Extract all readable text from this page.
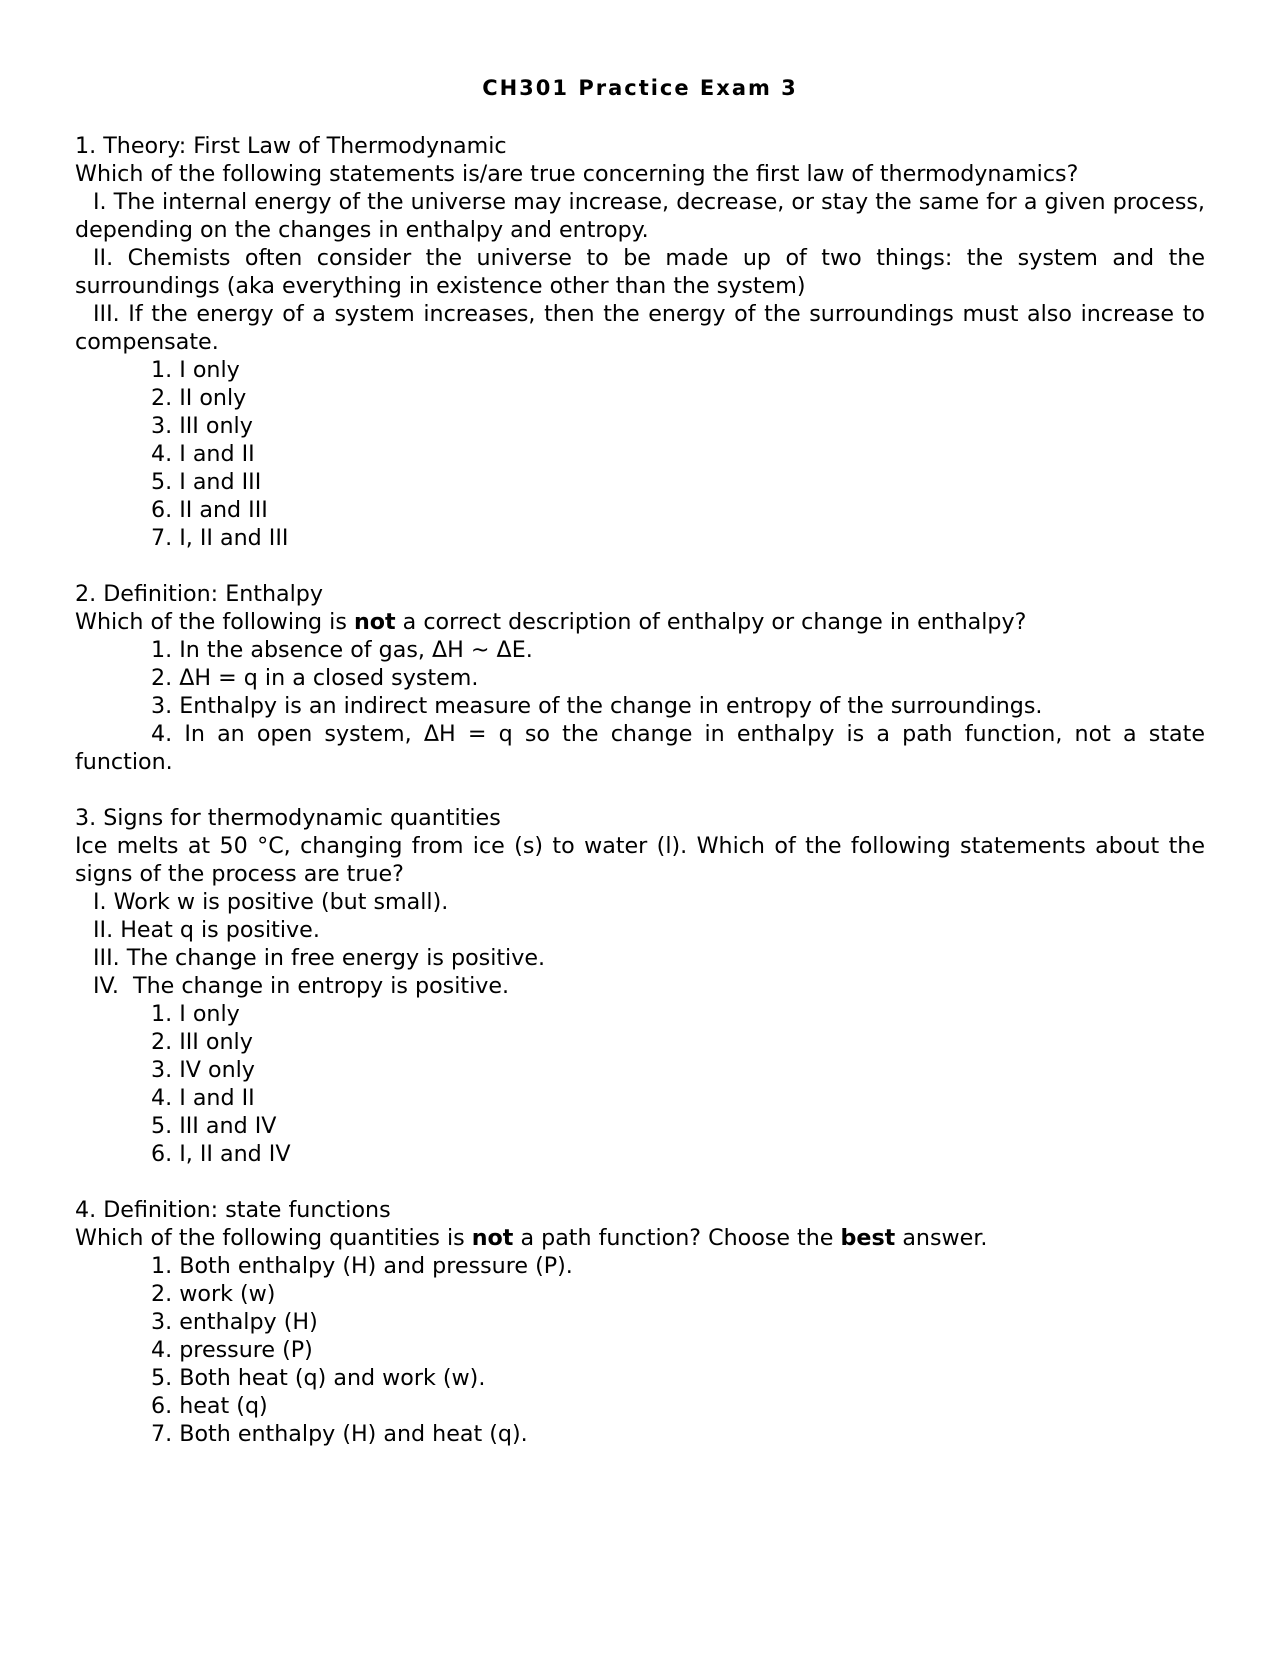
CH301 Practice Exam 3
1. Theory: First Law of Thermodynamic
Which of the following statements is/are true concerning the first law of thermodynamics?
I. The internal energy of the universe may increase, decrease, or stay the same for a given process, depending on the changes in enthalpy and entropy.
II. Chemists often consider the universe to be made up of two things: the system and the surroundings (aka everything in existence other than the system)
III. If the energy of a system increases, then the energy of the surroundings must also increase to compensate.
1. I only
2. II only
3. III only
4. I and II
5. I and III
6. II and III
7. I, II and III
2. Definition: Enthalpy
Which of the following is not a correct description of enthalpy or change in enthalpy?
1. In the absence of gas, ΔH ~ ΔE.
2. ΔH = q in a closed system.
3. Enthalpy is an indirect measure of the change in entropy of the surroundings.
4. In an open system, ΔH = q so the change in enthalpy is a path function, not a state
function.
3. Signs for thermodynamic quantities
Ice melts at 50 °C, changing from ice (s) to water (l). Which of the following statements about the signs of the process are true?
I. Work w is positive (but small).
II. Heat q is positive.
III. The change in free energy is positive.
IV.  The change in entropy is positive.
1. I only
2. III only
3. IV only
4. I and II
5. III and IV
6. I, II and IV
4. Definition: state functions
Which of the following quantities is not a path function? Choose the best answer.
1. Both enthalpy (H) and pressure (P).
2. work (w)
3. enthalpy (H)
4. pressure (P)
5. Both heat (q) and work (w).
6. heat (q)
7. Both enthalpy (H) and heat (q).
